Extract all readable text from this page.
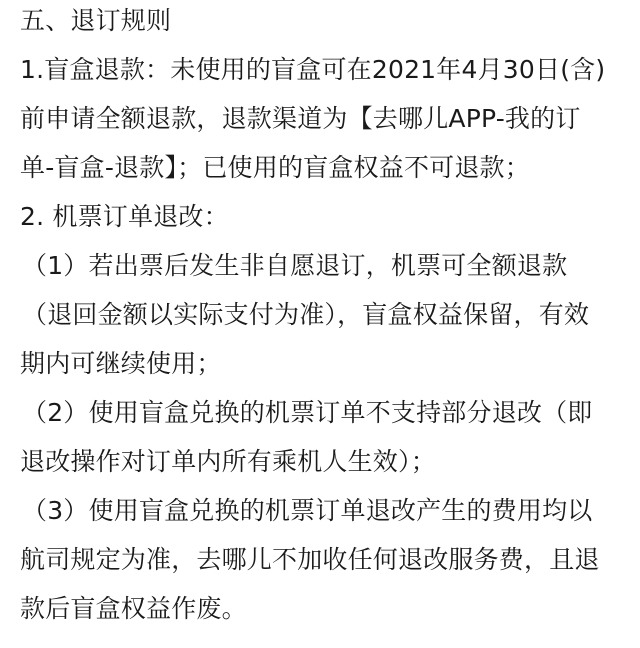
五、退订规则
1.盲盒退款：未使用的盲盒可在2021年4月30日(含)
前申请全额退款，退款渠道为【去哪儿APP-我的订
单-盲盒-退款】；已使用的盲盒权益不可退款；
2. 机票订单退改：
（1）若出票后发生非自愿退订，机票可全额退款
（退回金额以实际支付为准），盲盒权益保留，有效
期内可继续使用；
（2）使用盲盒兑换的机票订单不支持部分退改（即
退改操作对订单内所有乘机人生效）；
（3）使用盲盒兑换的机票订单退改产生的费用均以
航司规定为准，去哪儿不加收任何退改服务费，且退
款后盲盒权益作废。
